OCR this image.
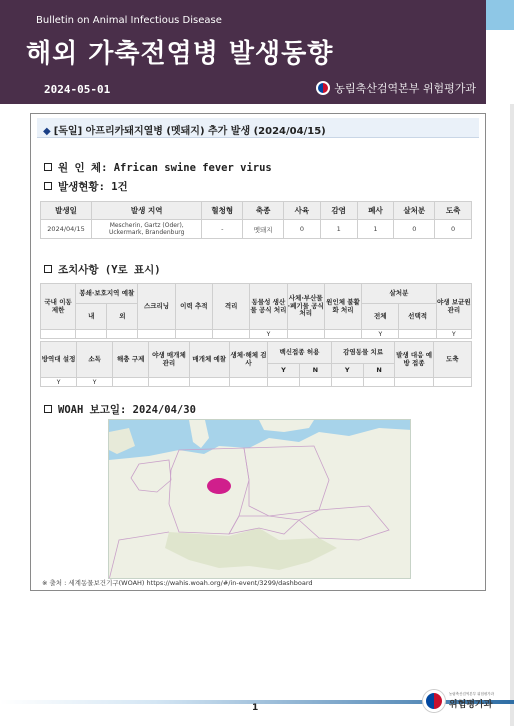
Bulletin on Animal Infectious Disease
해외 가축전염병 발생동향
2024-05-01	농림축산검역본부 위험평가과
◆ [독일] 아프리카돼지열병 (멧돼지) 추가 발생 (2024/04/15)
원 인 체: African swine fever virus
발생현황: 1건
발생일	발생 지역	혈청형	축종	사육	감염	폐사	살처분	도축
2024/04/15	Mescherin, Gartz (Oder), Uckermark, Brandenburg	-	멧돼지	0	1	1	0	0
조치사항 (Y로 표시)
국내 이동 제한	봉쇄·보호지역 예찰		스크리닝	이력 추적	격리	동물성 생산물 공식 처리	사체·부산물·폐기물 공식 처리	원인체 불활화 처리	살처분		야생 보균원 관리
	내	외							전체	선택적	
						Y			Y		Y
방역대 설정	소독	해충 구제	야생 매개체 관리	매개체 예찰	생체·해체 검사	백신접종 허용		감염동물 치료		발생 대응 예방 접종	도축
						Y	N	Y	N		
Y	Y										
WOAH 보고일: 2024/04/30
※ 출처 : 세계동물보건기구(WOAH) https://wahis.woah.org/#/in-event/3299/dashboard
1
농림축산검역본부 위험평가과
위험평가과
